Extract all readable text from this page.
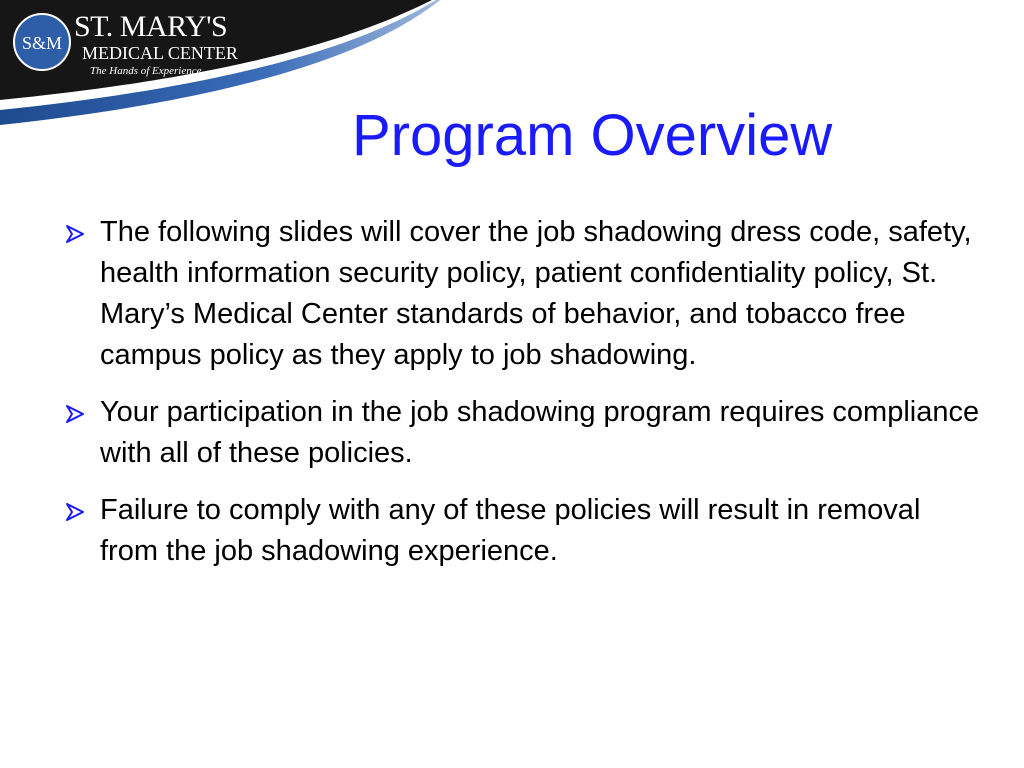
S&M ST. MARY'S
MEDICAL CENTER
The Hands of Experience
Program Overview
The following slides will cover the job shadowing dress code, safety, health information security policy, patient confidentiality policy, St. Mary’s Medical Center standards of behavior, and tobacco free campus policy as they apply to job shadowing.
Your participation in the job shadowing program requires compliance with all of these policies.
Failure to comply with any of these policies will result in removal from the job shadowing experience.
